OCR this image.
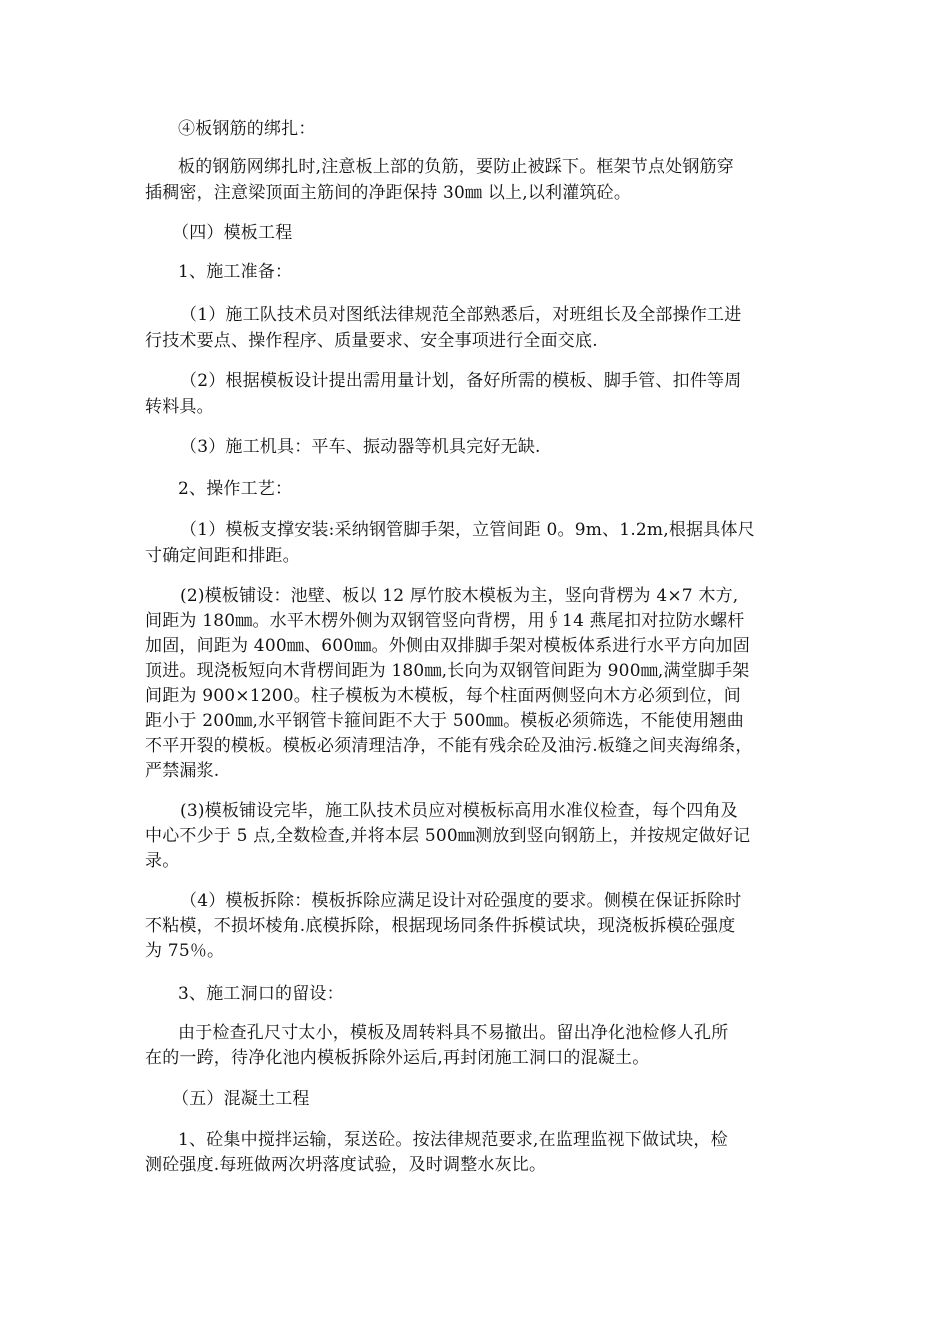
④板钢筋的绑扎：
板的钢筋网绑扎时,注意板上部的负筋，要防止被踩下。框架节点处钢筋穿
插稠密，注意梁顶面主筋间的净距保持 30㎜ 以上,以利灌筑砼。
（四）模板工程
1、施工准备：
（1）施工队技术员对图纸法律规范全部熟悉后，对班组长及全部操作工进
行技术要点、操作程序、质量要求、安全事项进行全面交底.
（2）根据模板设计提出需用量计划，备好所需的模板、脚手管、扣件等周
转料具。
（3）施工机具：平车、振动器等机具完好无缺.
2、操作工艺：
（1）模板支撑安装:采纳钢管脚手架，立管间距 0。9m、1.2m,根据具体尺
寸确定间距和排距。
(2)模板铺设：池壁、板以 12 厚竹胶木模板为主，竖向背楞为 4×7 木方,
间距为 180㎜。水平木楞外侧为双钢管竖向背楞，用∮14 燕尾扣对拉防水螺杆
加固，间距为 400㎜、600㎜。外侧由双排脚手架对模板体系进行水平方向加固
顶进。现浇板短向木背楞间距为 180㎜,长向为双钢管间距为 900㎜,满堂脚手架
间距为 900×1200。柱子模板为木模板，每个柱面两侧竖向木方必须到位，间
距小于 200㎜,水平钢管卡箍间距不大于 500㎜。模板必须筛选，不能使用翘曲
不平开裂的模板。模板必须清理洁净，不能有残余砼及油污.板缝之间夹海绵条，
严禁漏浆.
(3)模板铺设完毕，施工队技术员应对模板标高用水准仪检查，每个四角及
中心不少于 5 点,全数检查,并将本层 500㎜测放到竖向钢筋上，并按规定做好记
录。
（4）模板拆除：模板拆除应满足设计对砼强度的要求。侧模在保证拆除时
不粘模，不损坏棱角.底模拆除，根据现场同条件拆模试块，现浇板拆模砼强度
为 75％。
3、施工洞口的留设：
由于检查孔尺寸太小，模板及周转料具不易撤出。留出净化池检修人孔所
在的一跨，待净化池内模板拆除外运后,再封闭施工洞口的混凝土。
（五）混凝土工程
1、砼集中搅拌运输，泵送砼。按法律规范要求,在监理监视下做试块，检
测砼强度.每班做两次坍落度试验，及时调整水灰比。
